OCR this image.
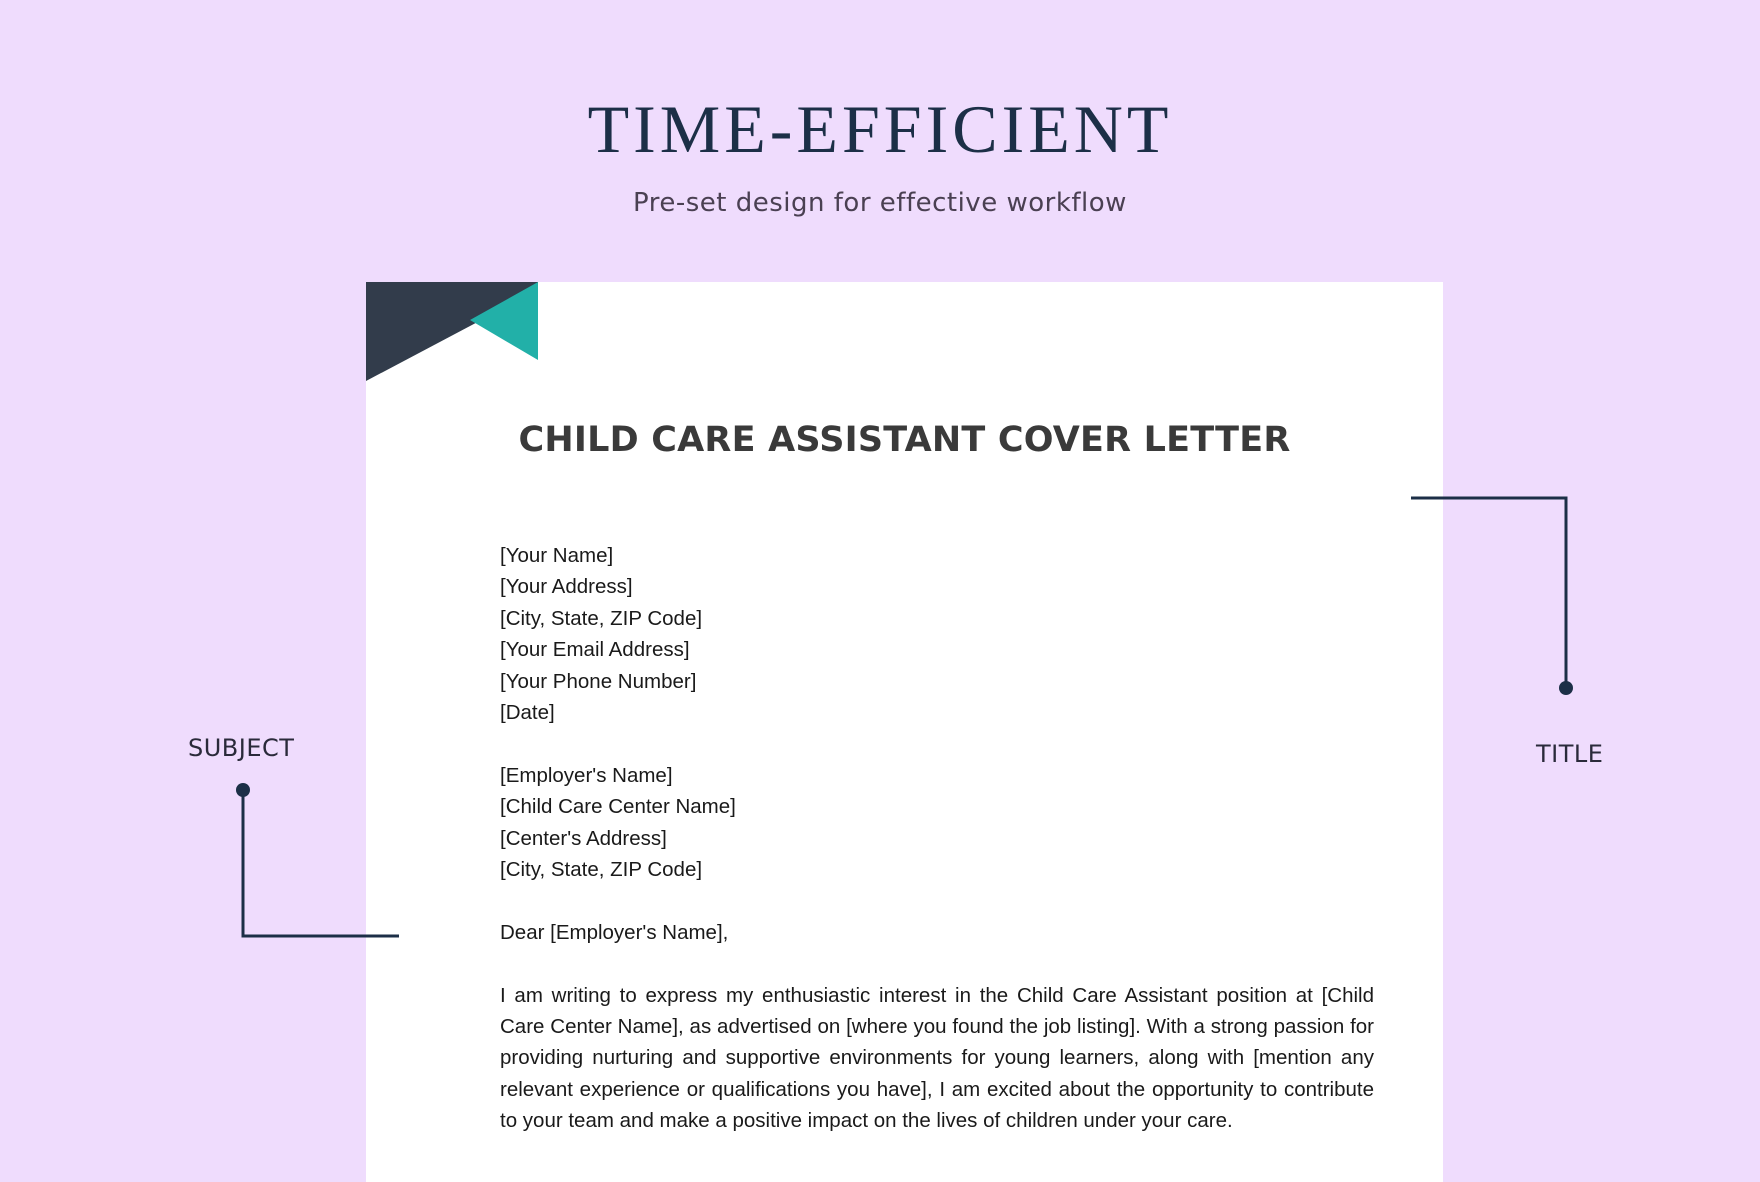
TIME-EFFICIENT
Pre-set design for effective workflow
CHILD CARE ASSISTANT COVER LETTER
[Your Name]
[Your Address]
[City, State, ZIP Code]
[Your Email Address]
[Your Phone Number]
[Date]
[Employer's Name]
[Child Care Center Name]
[Center's Address]
[City, State, ZIP Code]
Dear [Employer's Name],
I am writing to express my enthusiastic interest in the Child Care Assistant position at [Child Care Center Name], as advertised on [where you found the job listing]. With a strong passion for providing nurturing and supportive environments for young learners, along with [mention any relevant experience or qualifications you have], I am excited about the opportunity to contribute to your team and make a positive impact on the lives of children under your care.
SUBJECT	TITLE
